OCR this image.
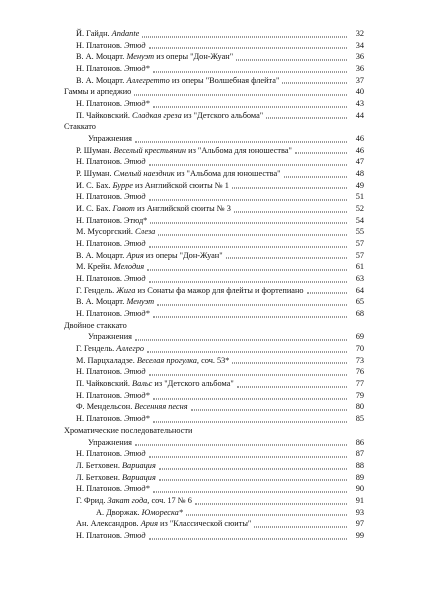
Й. Гайдн. Andante	32
Н. Платонов. Этюд	34
В. А. Моцарт. Менуэт из оперы "Дон-Жуан"	36
Н. Платонов. Этюд*	36
В. А. Моцарт. Аллегретто из оперы "Волшебная флейта"	37
Гаммы и арпеджио	40
Н. Платонов. Этюд*	43
П. Чайковский. Сладкая греза из "Детского альбома"	44
Стаккато
Упражнения	46
Р. Шуман. Веселый крестьянин из "Альбома для юношества"	46
Н. Платонов. Этюд	47
Р. Шуман. Смелый наездник из "Альбома для юношества"	48
И. С. Бах. Бурре из Английской сюиты № 1	49
Н. Платонов. Этюд	51
И. С. Бах. Гавот из Английской сюиты № 3	52
Н. Платонов. Этюд*	54
М. Мусоргский. Слеза	55
Н. Платонов. Этюд	57
В. А. Моцарт. Ария из оперы "Дон-Жуан"	57
М. Крейн. Мелодия	61
Н. Платонов. Этюд	63
Г. Гендель. Жига из Сонаты фа мажор для флейты и фортепиано	64
В. А. Моцарт. Менуэт	65
Н. Платонов. Этюд*	68
Двойное стаккато
Упражнения	69
Г. Гендель. Аллегро	70
М. Парцхаладзе. Веселая прогулка, соч. 53*	73
Н. Платонов. Этюд	76
П. Чайковский. Вальс из "Детского альбома"	77
Н. Платонов. Этюд*	79
Ф. Мендельсон. Весенняя песня	80
Н. Платонов. Этюд*	85
Хроматические последовательности
Упражнения	86
Н. Платонов. Этюд	87
Л. Бетховен. Вариация	88
Л. Бетховен. Вариация	89
Н. Платонов. Этюд*	90
Г. Фрид. Закат года, соч. 17 № 6	91
А. Дворжак. Юмореска*	93
Ан. Александров. Ария из "Классической сюиты"	97
Н. Платонов. Этюд	99
